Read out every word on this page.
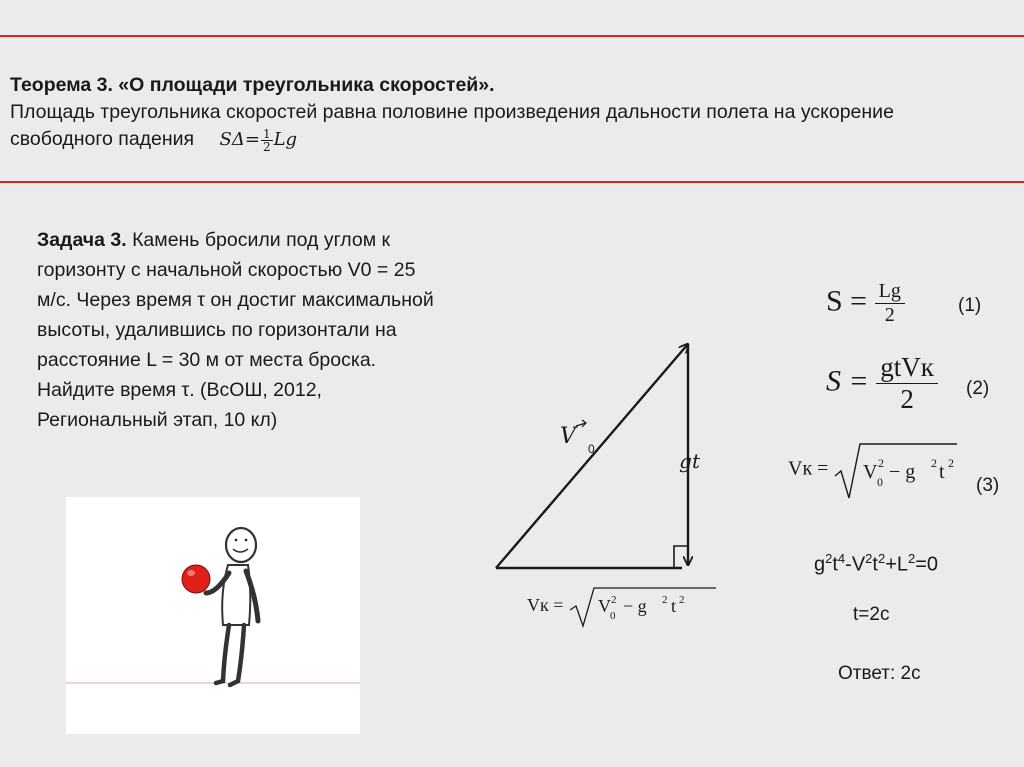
Теорема 3. «О площади треугольника скоростей».
Площадь треугольника скоростей равна половине произведения дальности полета на ускорение свободного падения $S\Delta= \frac{1}{2}$ Lg
Задача 3. Камень бросили под углом к горизонту с начальной скоростью V0 = 25 м/с. Через время τ он достиг максимальной высоты, удалившись по горизонтали на расстояние L = 30 м от места броска. Найдите время τ. (ВсОШ, 2012, Региональный этап, 10 кл)
V 0	gt
Vк = V 0
2 − g 2 t 2
$S = \frac{Lg}{2}$	(1)
S = gtVк
2	(2)
Vк = V 0
2 − g 2 t 2
(3)
$g^2t^4-V^2t^2+L^2=0$
t=2c
Ответ: 2с
